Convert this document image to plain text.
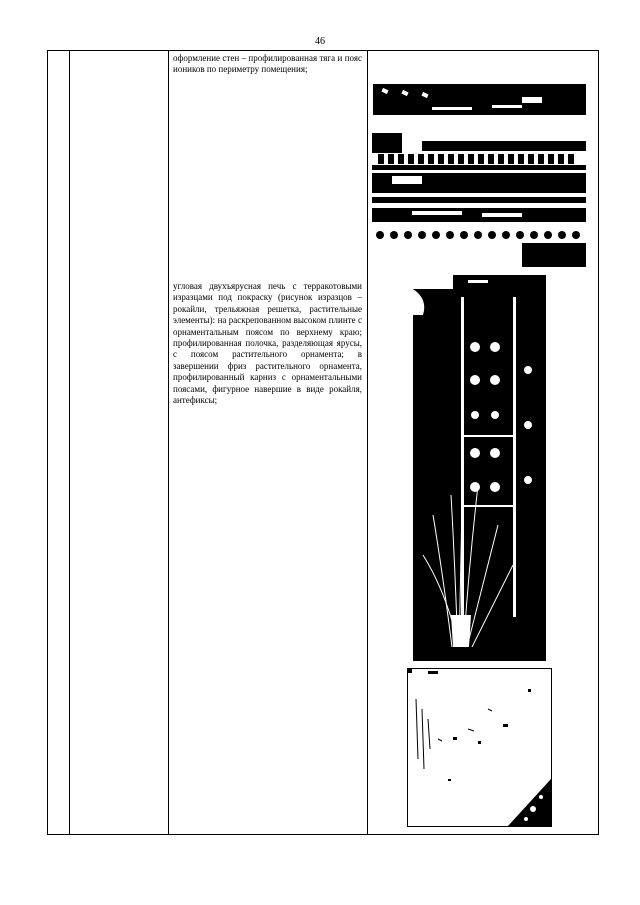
46
оформление стен – профилированная тяга и пояс иоников по периметру помещения;
угловая двухъярусная печь с терракотовыми изразцами под покраску (рисунок изразцов – рокайли, трельяжная решетка, растительные элементы): на раскрепованном высоком плинте с орнаментальным поясом по верхнему краю; профилированная полочка, разделяющая ярусы, с поясом растительного орнамента; в завершении фриз растительного орнамента, профилированный карниз с орнаментальными поясами, фигурное навершие в виде рокайля, антефиксы;
